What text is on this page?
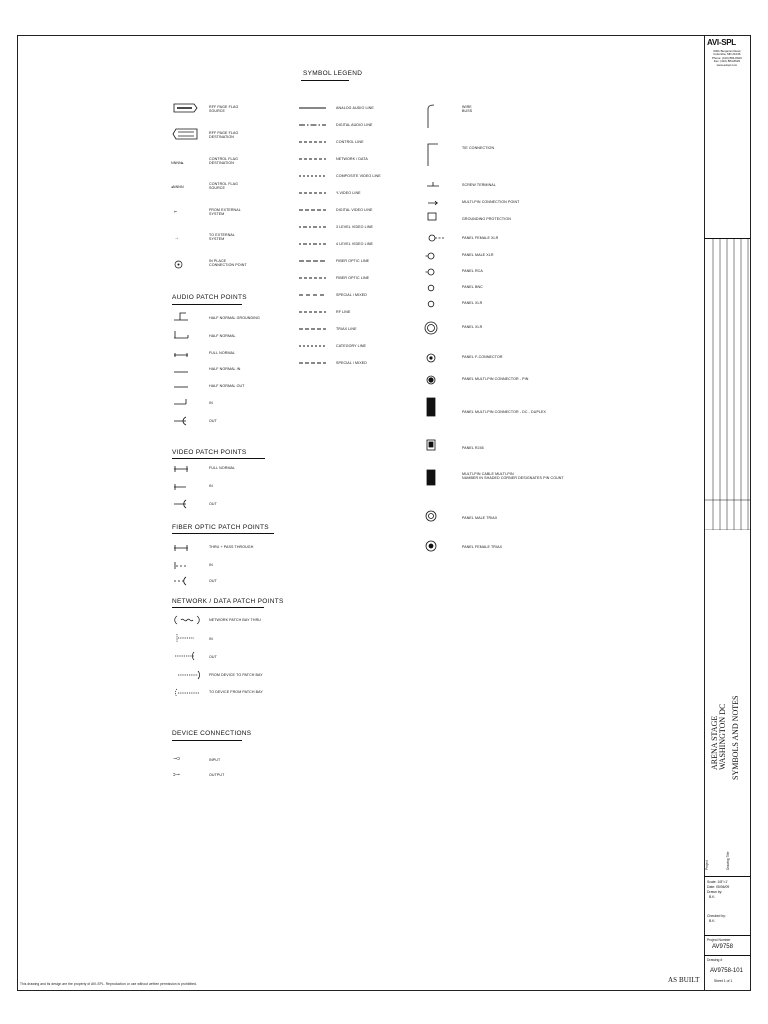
SYMBOL LEGEND
NNNN▸
◂NNNN
⊢
→
RFF PAGE FLAG
SOURCE
RFF PAGE FLAG
DESTINATION
CONTROL FLAG
DESTINATION
CONTROL FLAG
SOURCE
FROM EXTERNAL
SYSTEM
TO EXTERNAL
SYSTEM
IN PLACE
CONNECTION POINT
AUDIO PATCH POINTS
HALF NORMAL GROUNDING
HALF NORMAL
FULL NORMAL
HALF NORMAL IN
HALF NORMAL OUT
IN
OUT
VIDEO PATCH POINTS
FULL NORMAL
IN
OUT
FIBER OPTIC PATCH POINTS
THRU + PASS THROUGH
IN
OUT
NETWORK / DATA PATCH POINTS
NETWORK PATCH BAY THRU
IN
OUT
FROM DEVICE TO PATCH BAY
TO DEVICE FROM PATCH BAY
DEVICE CONNECTIONS
⊸ↄ
ↄ⊸
INPUT
OUTPUT
ANALOG AUDIO LINE
DIGITAL AUDIO LINE
CONTROL LINE
NETWORK / DATA
COMPOSITE VIDEO LINE
Y-VIDEO LINE
DIGITAL VIDEO LINE
3 LEVEL VIDEO LINE
4 LEVEL VIDEO LINE
FIBER OPTIC LINE
FIBER OPTIC LINE
SPECIAL / MIXED
RF LINE
TRIAX LINE
CATEGORY LINE
SPECIAL / MIXED
WIRE
BUSS
TIE CONNECTION
SCREW TERMINAL
MULTI-PIN CONNECTION POINT
GROUNDING PROTECTION
PANEL FEMALE XLR
PANEL MALE XLR
PANEL RCA
PANEL BNC
PANEL XLR
PANEL XLR
PANEL F-CONNECTOR
PANEL MULTI-PIN CONNECTOR - PIN
PANEL MULTI-PIN CONNECTOR - DC - DUPLEX
PANEL RJ45
MULTI-PIN CABLE MULTI-PIN
NUMBER IN SHADED CORNER DESIGNATES PIN COUNT
PANEL MALE TRIAX
PANEL FEMALE TRIAX
AVI-SPL
6301 Benjamin Road
Columbia, MD 21046
Phone: (410) 884-8400
Fax: (410) 884-8629
www.avispl.com
ARENA STAGE WASHINGTON DC SYMBOLS AND NOTES
Project	Drawing Title
Scale: 1/8"=1'
Date: 05/06/09
Drawn by:
B.K.
Checked by:
B.K.
Project Number
AV9758
Drawing #
AV9758-101
Sheet 1 of 1
AS BUILT
This drawing and its design are the property of AVI-SPL. Reproduction or use without written permission is prohibited.
